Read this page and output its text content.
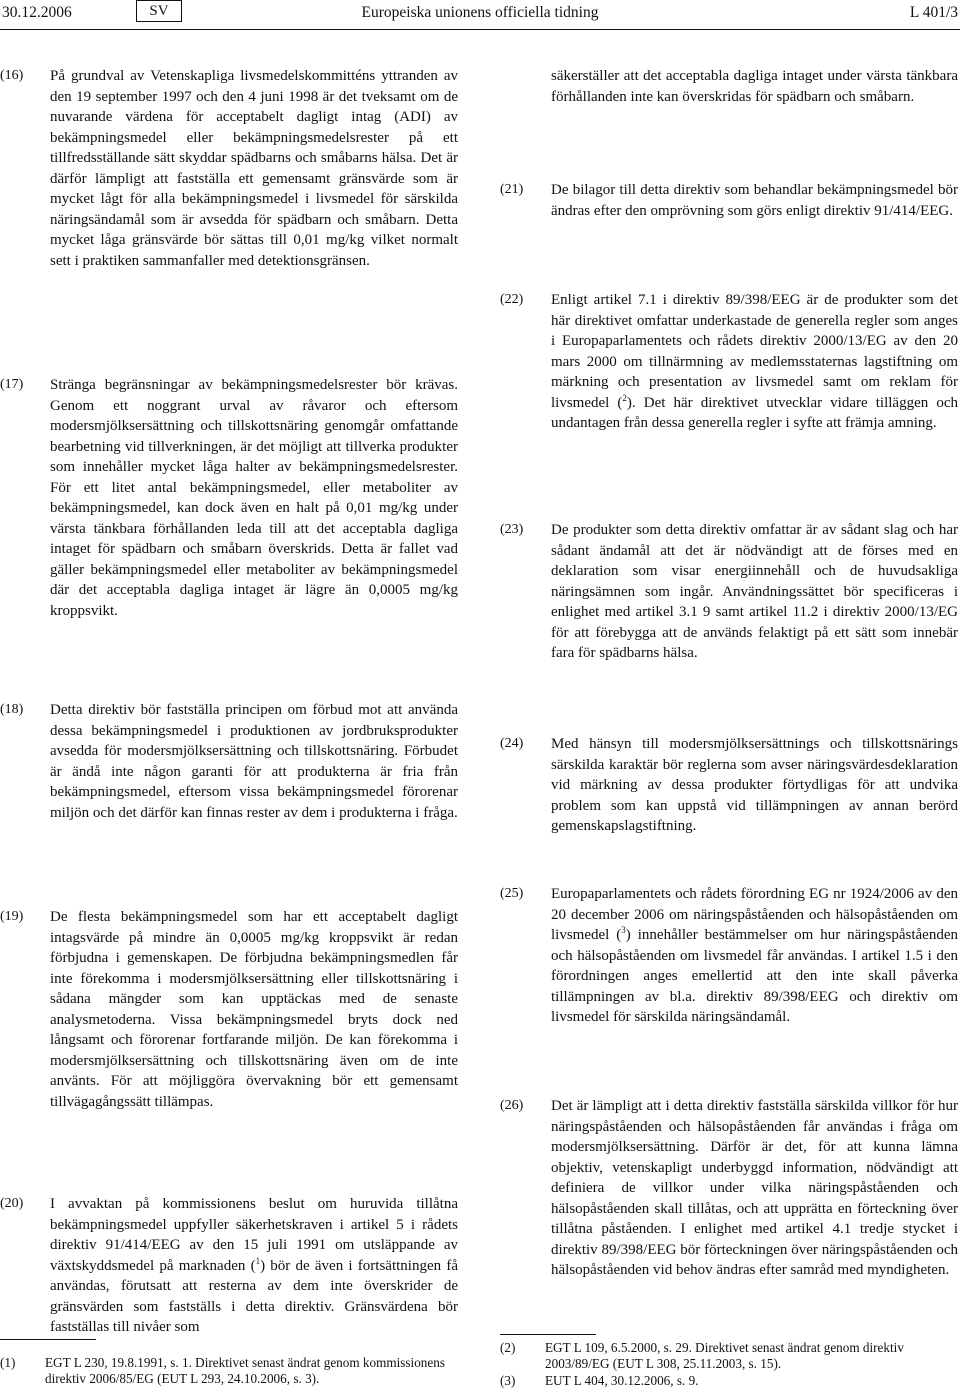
30.12.2006	SV	Europeiska unionens officiella tidning	L 401/3
(16) På grundval av Vetenskapliga livsmedelskommitténs yttranden av den 19 september 1997 och den 4 juni 1998 är det tveksamt om de nuvarande värdena för acceptabelt dagligt intag (ADI) av bekämpningsmedel eller bekämpningsmedelsrester på ett tillfredsställande sätt skyddar spädbarns och småbarns hälsa. Det är därför lämpligt att fastställa ett gemensamt gränsvärde som är mycket lågt för alla bekämpningsmedel i livsmedel för särskilda näringsändamål som är avsedda för spädbarn och småbarn. Detta mycket låga gränsvärde bör sättas till 0,01 mg/kg vilket normalt sett i praktiken sammanfaller med detektionsgränsen.
(17) Stränga begränsningar av bekämpningsmedelsrester bör krävas. Genom ett noggrant urval av råvaror och eftersom modersmjölksersättning och tillskottsnäring genomgår omfattande bearbetning vid tillverkningen, är det möjligt att tillverka produkter som innehåller mycket låga halter av bekämpningsmedelsrester. För ett litet antal bekämpningsmedel, eller metaboliter av bekämpningsmedel, kan dock även en halt på 0,01 mg/kg under värsta tänkbara förhållanden leda till att det acceptabla dagliga intaget för spädbarn och småbarn överskrids. Detta är fallet vad gäller bekämpningsmedel eller metaboliter av bekämpningsmedel där det acceptabla dagliga intaget är lägre än 0,0005 mg/kg kroppsvikt.
(18) Detta direktiv bör fastställa principen om förbud mot att använda dessa bekämpningsmedel i produktionen av jordbruksprodukter avsedda för modersmjölksersättning och tillskottsnäring. Förbudet är ändå inte någon garanti för att produkterna är fria från bekämpningsmedel, eftersom vissa bekämpningsmedel förorenar miljön och det därför kan finnas rester av dem i produkterna i fråga.
(19) De flesta bekämpningsmedel som har ett acceptabelt dagligt intagsvärde på mindre än 0,0005 mg/kg kroppsvikt är redan förbjudna i gemenskapen. De förbjudna bekämpningsmedlen får inte förekomma i modersmjölksersättning eller tillskottsnäring i sådana mängder som kan upptäckas med de senaste analysmetoderna. Vissa bekämpningsmedel bryts dock ned långsamt och förorenar fortfarande miljön. De kan förekomma i modersmjölksersättning och tillskottsnäring även om de inte använts. För att möjliggöra övervakning bör ett gemensamt tillvägagångssätt tillämpas.
(20) I avvaktan på kommissionens beslut om huruvida tillåtna bekämpningsmedel uppfyller säkerhetskraven i artikel 5 i rådets direktiv 91/414/EEG av den 15 juli 1991 om utsläppande av växtskyddsmedel på marknaden ($^1$) bör de även i fortsättningen få användas, förutsatt att resterna av dem inte överskrider de gränsvärden som fastställs i detta direktiv. Gränsvärdena bör fastställas till nivåer som
(1) EGT L 230, 19.8.1991, s. 1. Direktivet senast ändrat genom kommissionens direktiv 2006/85/EG (EUT L 293, 24.10.2006, s. 3).
säkerställer att det acceptabla dagliga intaget under värsta tänkbara förhållanden inte kan överskridas för spädbarn och småbarn.
(21) De bilagor till detta direktiv som behandlar bekämpningsmedel bör ändras efter den omprövning som görs enligt direktiv 91/414/EEG.
(22) Enligt artikel 7.1 i direktiv 89/398/EEG är de produkter som det här direktivet omfattar underkastade de generella regler som anges i Europaparlamentets och rådets direktiv 2000/13/EG av den 20 mars 2000 om tillnärmning av medlemsstaternas lagstiftning om märkning och presentation av livsmedel samt om reklam för livsmedel ($^2$). Det här direktivet utvecklar vidare tilläggen och undantagen från dessa generella regler i syfte att främja amning.
(23) De produkter som detta direktiv omfattar är av sådant slag och har sådant ändamål att det är nödvändigt att de förses med en deklaration som visar energiinnehåll och de huvudsakliga näringsämnen som ingår. Användningssättet bör specificeras i enlighet med artikel 3.1 9 samt artikel 11.2 i direktiv 2000/13/EG för att förebygga att de används felaktigt på ett sätt som innebär fara för spädbarns hälsa.
(24) Med hänsyn till modersmjölksersättnings och tillskottsnärings särskilda karaktär bör reglerna som avser näringsvärdesdeklaration vid märkning av dessa produkter förtydligas för att undvika problem som kan uppstå vid tillämpningen av annan berörd gemenskapslagstiftning.
(25) Europaparlamentets och rådets förordning EG nr 1924/2006 av den 20 december 2006 om näringspåståenden och hälsopåståenden om livsmedel ($^3$) innehåller bestämmelser om hur näringspåståenden och hälsopåståenden om livsmedel får användas. I artikel 1.5 i den förordningen anges emellertid att den inte skall påverka tillämpningen av bl.a. direktiv 89/398/EEG och direktiv om livsmedel för särskilda näringsändamål.
(26) Det är lämpligt att i detta direktiv fastställa särskilda villkor för hur näringspåståenden och hälsopåståenden får användas i fråga om modersmjölksersättning. Därför är det, för att kunna lämna objektiv, vetenskapligt underbyggd information, nödvändigt att definiera de villkor under vilka näringspåståenden och hälsopåståenden skall tillåtas, och att upprätta en förteckning över tillåtna påståenden. I enlighet med artikel 4.1 tredje stycket i direktiv 89/398/EEG bör förteckningen över näringspåståenden och hälsopåståenden vid behov ändras efter samråd med myndigheten.
(2) EGT L 109, 6.5.2000, s. 29. Direktivet senast ändrat genom direktiv 2003/89/EG (EUT L 308, 25.11.2003, s. 15).
(3) EUT L 404, 30.12.2006, s. 9.
